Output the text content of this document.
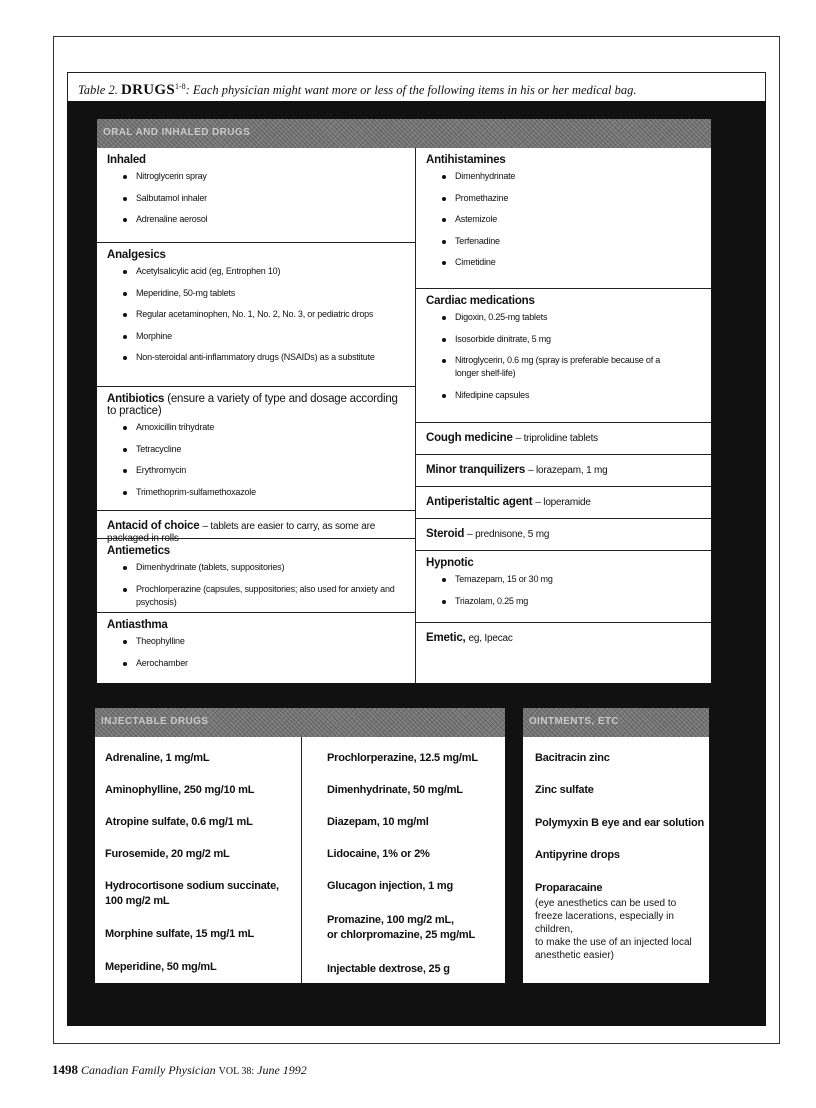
Table 2. DRUGS$^{1-8}$: Each physician might want more or less of the following items in his or her medical bag.
ORAL AND INHALED DRUGS
Inhaled
Nitroglycerin spray
Salbutamol inhaler
Adrenaline aerosol
Analgesics
Acetylsalicylic acid (eg, Entrophen 10)
Meperidine, 50-mg tablets
Regular acetaminophen, No. 1, No. 2, No. 3, or pediatric drops
Morphine
Non-steroidal anti-inflammatory drugs (NSAIDs) as a substitute
Antibiotics (ensure a variety of type and dosage according to practice)
Amoxicillin trihydrate
Tetracycline
Erythromycin
Trimethoprim-sulfamethoxazole
Antacid of choice – tablets are easier to carry, as some are packaged in rolls
Antiemetics
Dimenhydrinate (tablets, suppositories)
Prochlorperazine (capsules, suppositories; also used for anxiety and psychosis)
Antiasthma
Theophylline
Aerochamber
Antihistamines
Dimenhydrinate
Promethazine
Astemizole
Terfenadine
Cimetidine
Cardiac medications
Digoxin, 0.25-mg tablets
Isosorbide dinitrate, 5 mg
Nitroglycerin, 0.6 mg (spray is preferable because of a longer shelf-life)
Nifedipine capsules
Cough medicine – triprolidine tablets
Minor tranquilizers – lorazepam, 1 mg
Antiperistaltic agent – loperamide
Steroid – prednisone, 5 mg
Hypnotic
Temazepam, 15 or 30 mg
Triazolam, 0.25 mg
Emetic, eg, Ipecac
INJECTABLE DRUGS
Adrenaline, 1 mg/mL
Aminophylline, 250 mg/10 mL
Atropine sulfate, 0.6 mg/1 mL
Furosemide, 20 mg/2 mL
Hydrocortisone sodium succinate,
100 mg/2 mL
Morphine sulfate, 15 mg/1 mL
Meperidine, 50 mg/mL
Prochlorperazine, 12.5 mg/mL
Dimenhydrinate, 50 mg/mL
Diazepam, 10 mg/ml
Lidocaine, 1% or 2%
Glucagon injection, 1 mg
Promazine, 100 mg/2 mL,
or chlorpromazine, 25 mg/mL
Injectable dextrose, 25 g
OINTMENTS, ETC
Bacitracin zinc
Zinc sulfate
Polymyxin B eye and ear solution
Antipyrine drops
Proparacaine
(eye anesthetics can be used to
freeze lacerations, especially in children,
to make the use of an injected local
anesthetic easier)
1498 Canadian Family Physician VOL 38: June 1992
